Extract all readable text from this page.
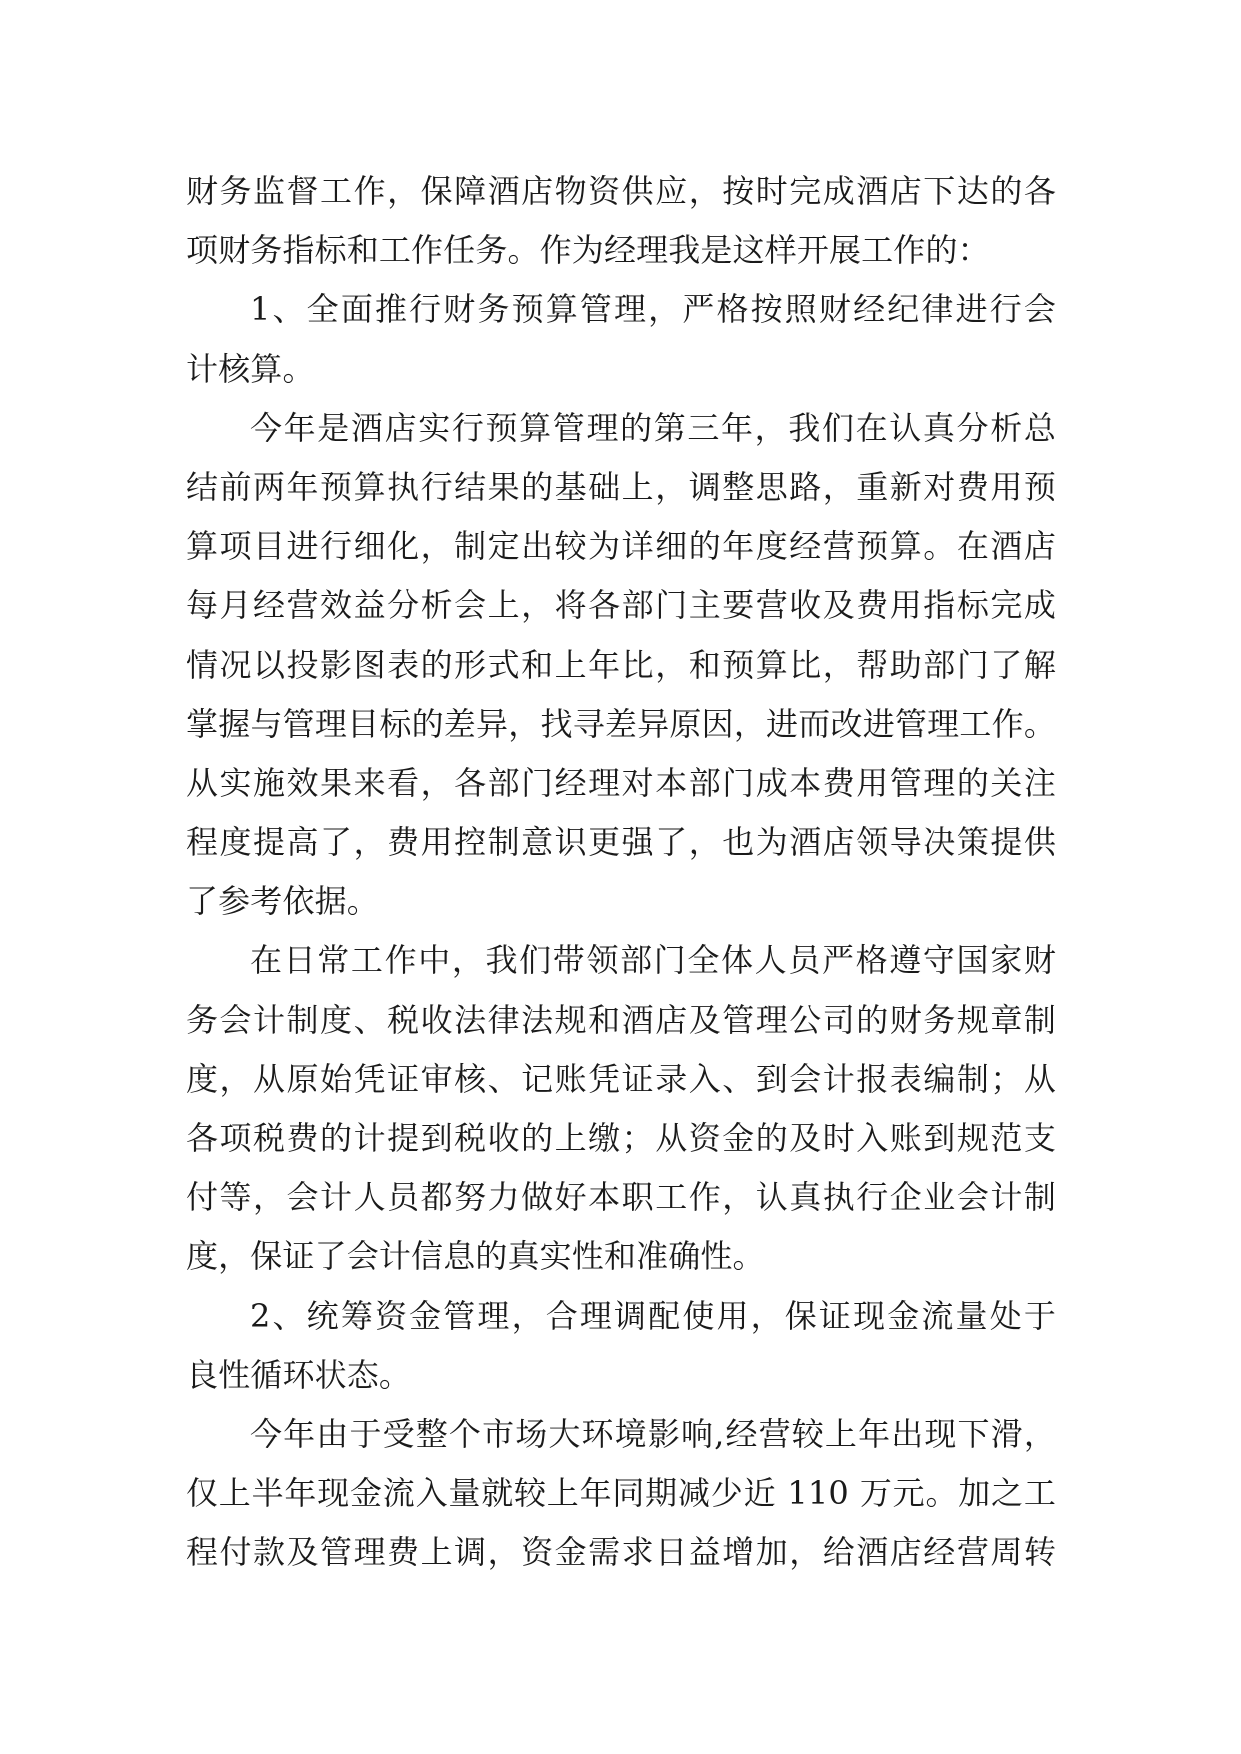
财务监督工作，保障酒店物资供应，按时完成酒店下达的各
项财务指标和工作任务。作为经理我是这样开展工作的：
1、全面推行财务预算管理，严格按照财经纪律进行会
计核算。
今年是酒店实行预算管理的第三年，我们在认真分析总
结前两年预算执行结果的基础上，调整思路，重新对费用预
算项目进行细化，制定出较为详细的年度经营预算。在酒店
每月经营效益分析会上，将各部门主要营收及费用指标完成
情况以投影图表的形式和上年比，和预算比，帮助部门了解
掌握与管理目标的差异，找寻差异原因，进而改进管理工作。
从实施效果来看，各部门经理对本部门成本费用管理的关注
程度提高了，费用控制意识更强了，也为酒店领导决策提供
了参考依据。
在日常工作中，我们带领部门全体人员严格遵守国家财
务会计制度、税收法律法规和酒店及管理公司的财务规章制
度，从原始凭证审核、记账凭证录入、到会计报表编制；从
各项税费的计提到税收的上缴；从资金的及时入账到规范支
付等，会计人员都努力做好本职工作，认真执行企业会计制
度，保证了会计信息的真实性和准确性。
2、统筹资金管理，合理调配使用，保证现金流量处于
良性循环状态。
今年由于受整个市场大环境影响,经营较上年出现下滑，
仅上半年现金流入量就较上年同期减少近 110 万元。加之工
程付款及管理费上调，资金需求日益增加，给酒店经营周转
